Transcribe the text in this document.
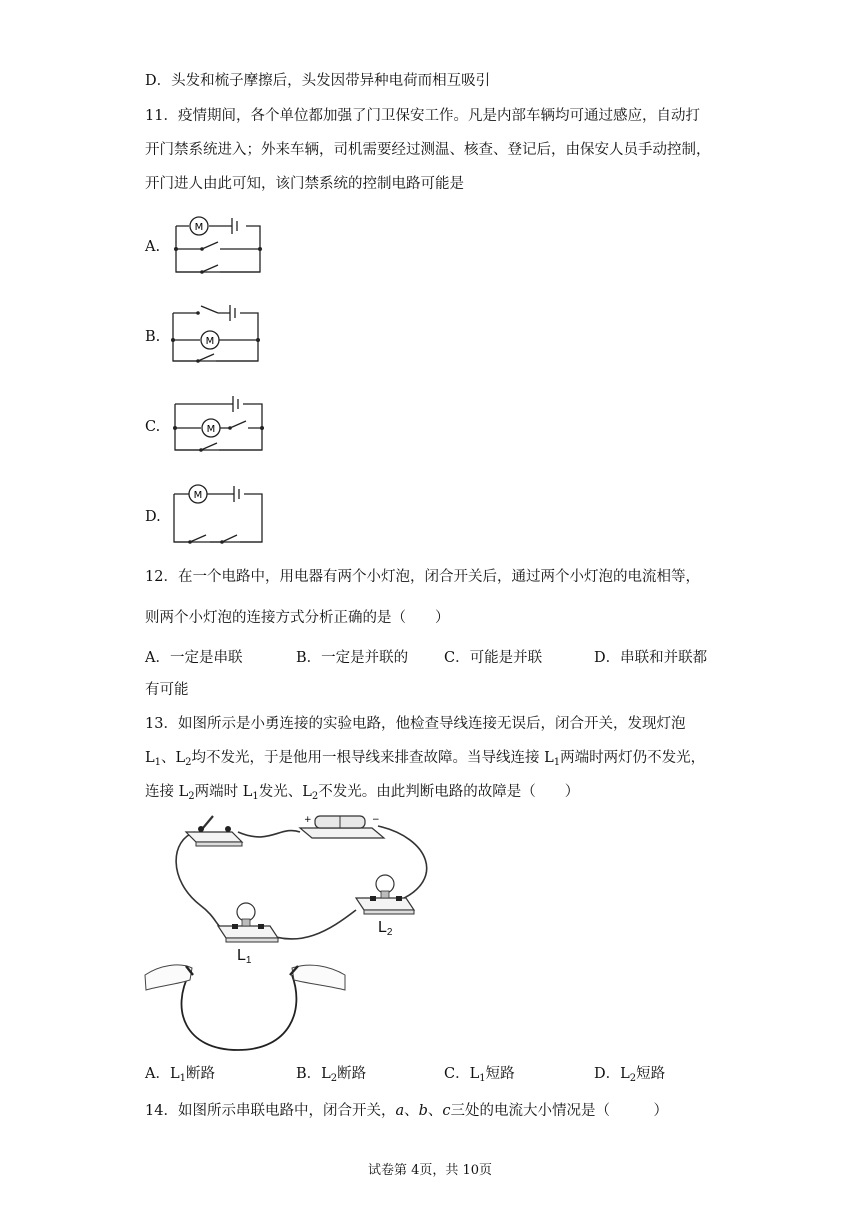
D．头发和梳子摩擦后，头发因带异种电荷而相互吸引
11．疫情期间，各个单位都加强了门卫保安工作。凡是内部车辆均可通过感应，自动打
开门禁系统进入；外来车辆，司机需要经过测温、核查、登记后，由保安人员手动控制，
开门进人由此可知，该门禁系统的控制电路可能是
A.
B.
C.
D.
M
M
M
M
12．在一个电路中，用电器有两个小灯泡，闭合开关后，通过两个小灯泡的电流相等，
则两个小灯泡的连接方式分析正确的是（　　）
A．一定是串联	B．一定是并联的 C．可能是并联	D．串联和并联都
有可能
13．如图所示是小勇连接的实验电路，他检查导线连接无误后，闭合开关，发现灯泡
$L_1$、$L_2$均不发光，于是他用一根导线来排查故障。当导线连接 $L_1$两端时两灯仍不发光，
连接 $L_2$两端时 $L_1$发光、$L_2$不发光。由此判断电路的故障是（　　）
+	−
$L_1$
$L_2$
A．$L_1$断路	B．$L_2$断路	C．$L_1$短路	D．$L_2$短路
14．如图所示串联电路中，闭合开关，a、b、c三处的电流大小情况是（　　　）
试卷第 4页，共 10页
